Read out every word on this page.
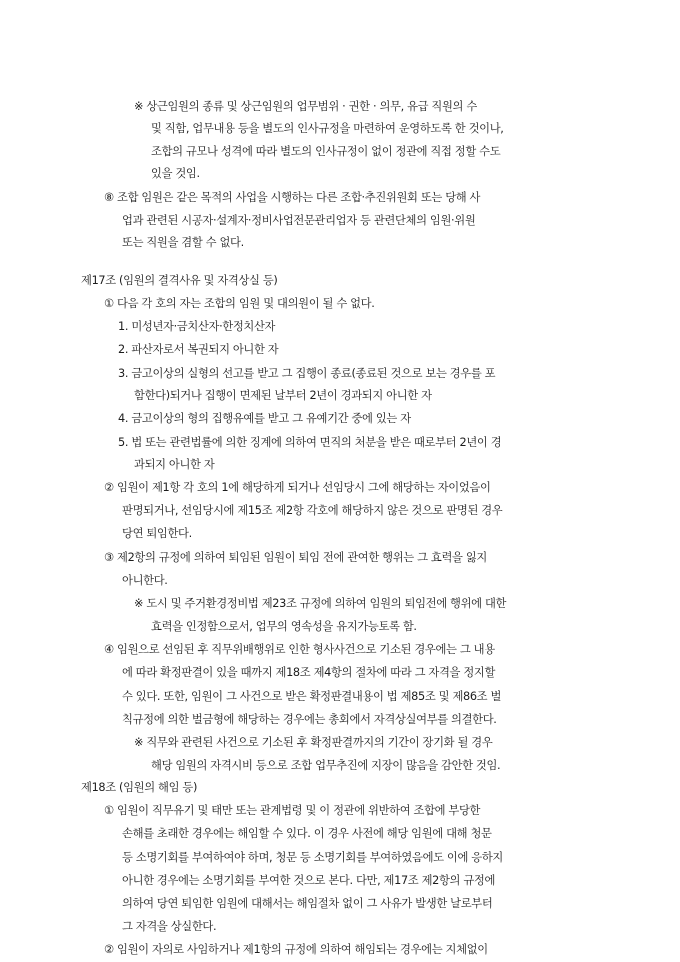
※ 상근임원의 종류 및 상근임원의 업무범위 · 권한 · 의무, 유급 직원의 수
및 직함, 업무내용 등을 별도의 인사규정을 마련하여 운영하도록 한 것이나,
조합의 규모나 성격에 따라 별도의 인사규정이 없이 정관에 직접 정할 수도
있을 것임.
⑧ 조합 임원은 같은 목적의 사업을 시행하는 다른 조합·추진위원회 또는 당해 사
업과 관련된 시공자·설계자·정비사업전문관리업자 등 관련단체의 임원·위원
또는 직원을 겸할 수 없다.
제17조 (임원의 결격사유 및 자격상실 등)
① 다음 각 호의 자는 조합의 임원 및 대의원이 될 수 없다.
1. 미성년자·금치산자·한정치산자
2. 파산자로서 복권되지 아니한 자
3. 금고이상의 실형의 선고를 받고 그 집행이 종료(종료된 것으로 보는 경우를 포
함한다)되거나 집행이 면제된 날부터 2년이 경과되지 아니한 자
4. 금고이상의 형의 집행유예를 받고 그 유예기간 중에 있는 자
5. 법 또는 관련법률에 의한 징계에 의하여 면직의 처분을 받은 때로부터 2년이 경
과되지 아니한 자
② 임원이 제1항 각 호의 1에 해당하게 되거나 선임당시 그에 해당하는 자이었음이
판명되거나, 선임당시에 제15조 제2항 각호에 해당하지 않은 것으로 판명된 경우
당연 퇴임한다.
③ 제2항의 규정에 의하여 퇴임된 임원이 퇴임 전에 관여한 행위는 그 효력을 잃지
아니한다.
※ 도시 및 주거환경정비법 제23조 규정에 의하여 임원의 퇴임전에 행위에 대한
효력을 인정함으로서, 업무의 영속성을 유지가능토록 함.
④ 임원으로 선임된 후 직무위배행위로 인한 형사사건으로 기소된 경우에는 그 내용
에 따라 확정판결이 있을 때까지 제18조 제4항의 절차에 따라 그 자격을 정지할
수 있다. 또한, 임원이 그 사건으로 받은 확정판결내용이 법 제85조 및 제86조 벌
칙규정에 의한 벌금형에 해당하는 경우에는 총회에서 자격상실여부를 의결한다.
※ 직무와 관련된 사건으로 기소된 후 확정판결까지의 기간이 장기화 될 경우
해당 임원의 자격시비 등으로 조합 업무추진에 지장이 많음을 감안한 것임.
제18조 (임원의 해임 등)
① 임원이 직무유기 및 태만 또는 관계법령 및 이 정관에 위반하여 조합에 부당한
손해를 초래한 경우에는 해임할 수 있다. 이 경우 사전에 해당 임원에 대해 청문
등 소명기회를 부여하여야 하며, 청문 등 소명기회를 부여하였음에도 이에 응하지
아니한 경우에는 소명기회를 부여한 것으로 본다. 다만, 제17조 제2항의 규정에
의하여 당연 퇴임한 임원에 대해서는 해임절차 없이 그 사유가 발생한 날로부터
그 자격을 상실한다.
② 임원이 자의로 사임하거나 제1항의 규정에 의하여 해임되는 경우에는 지체없이
